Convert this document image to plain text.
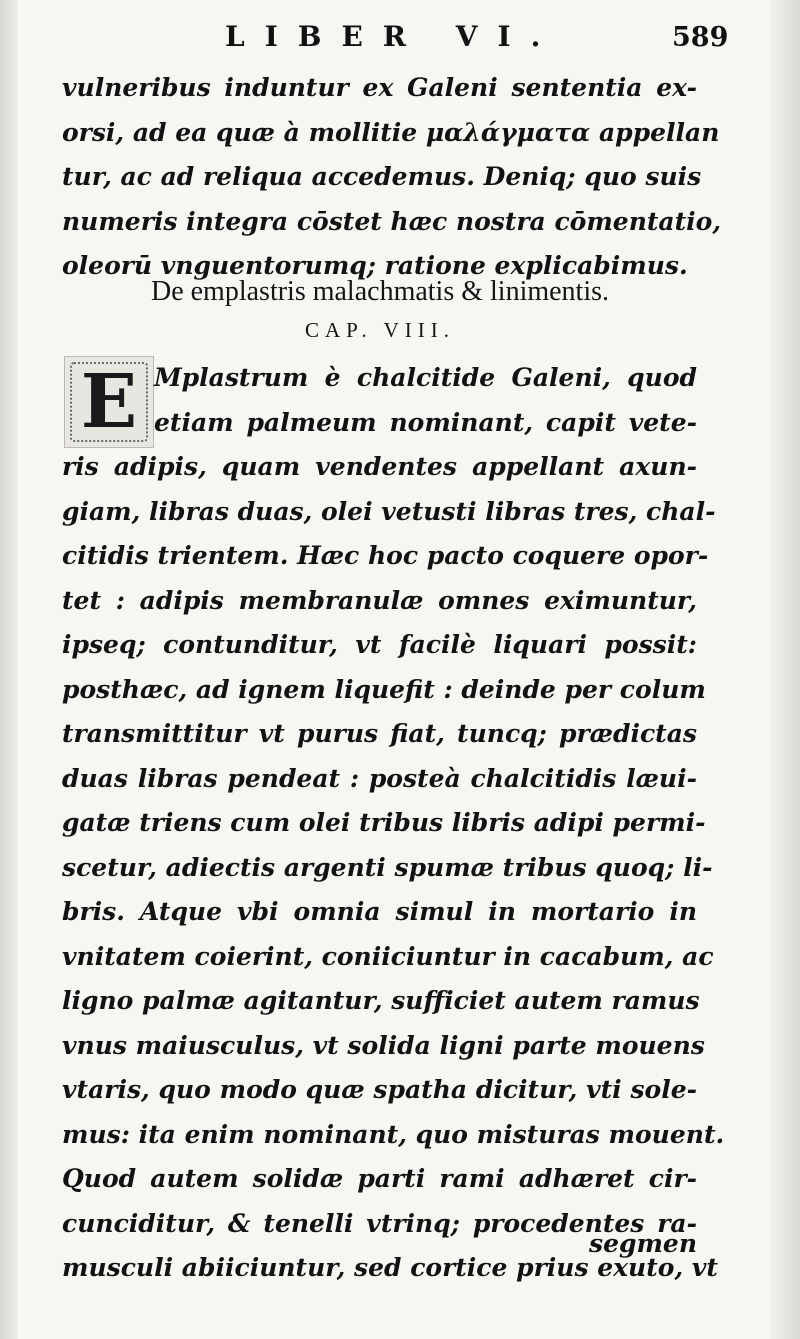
LIBER VI.	589
vulneribus induntur ex Galeni sententia ex-
orsi, ad ea quæ à mollitie μαλάγματα appellan
tur, ac ad reliqua accedemus. Deniq; quo suis
numeris integra cōstet hæc nostra cōmentatio,
oleorū vnguentorumq; ratione explicabimus.
De emplastris malachmatis & linimentis.
CAP. VIII.
E Mplastrum è chalcitide Galeni, quod
etiam palmeum nominant, capit vete-
ris adipis, quam vendentes appellant axun-
giam, libras duas, olei vetusti libras tres, chal-
citidis trientem. Hæc hoc pacto coquere opor-
tet : adipis membranulæ omnes eximuntur,
ipseq; contunditur, vt facilè liquari possit:
posthæc, ad ignem liquefit : deinde per colum
transmittitur vt purus fiat, tuncq; prædictas
duas libras pendeat : posteà chalcitidis læui-
gatæ triens cum olei tribus libris adipi permi-
scetur, adiectis argenti spumæ tribus quoq; li-
bris. Atque vbi omnia simul in mortario in
vnitatem coierint, coniiciuntur in cacabum, ac
ligno palmæ agitantur, sufficiet autem ramus
vnus maiusculus, vt solida ligni parte mouens
vtaris, quo modo quæ spatha dicitur, vti sole-
mus: ita enim nominant, quo misturas mouent.
Quod autem solidæ parti rami adhæret cir-
cunciditur, & tenelli vtrinq; procedentes ra-
musculi abiiciuntur, sed cortice prius exuto, vt
segmen
